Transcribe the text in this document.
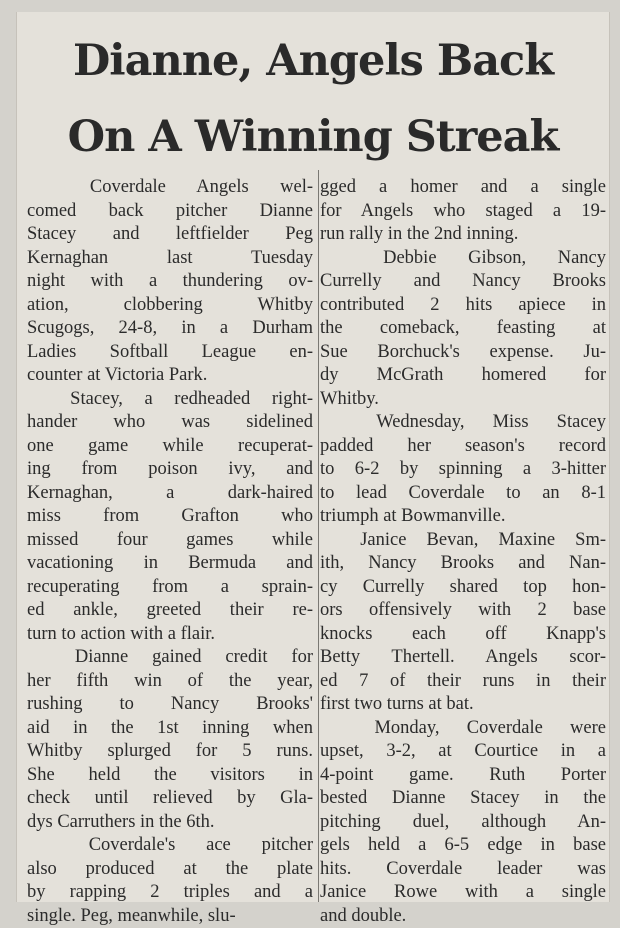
Dianne, Angels Back
On A Winning Streak
Coverdale Angels wel-
comed back pitcher Dianne
Stacey and leftfielder Peg
Kernaghan last Tuesday
night with a thundering ov-
ation, clobbering Whitby
Scugogs, 24-8, in a Durham
Ladies Softball League en-
counter at Victoria Park.
Stacey, a redheaded right-
hander who was sidelined
one game while recuperat-
ing from poison ivy, and
Kernaghan, a dark-haired
miss from Grafton who
missed four games while
vacationing in Bermuda and
recuperating from a sprain-
ed ankle, greeted their re-
turn to action with a flair.
Dianne gained credit for
her fifth win of the year,
rushing to Nancy Brooks'
aid in the 1st inning when
Whitby splurged for 5 runs.
She held the visitors in
check until relieved by Gla-
dys Carruthers in the 6th.
Coverdale's ace pitcher
also produced at the plate
by rapping 2 triples and a
single. Peg, meanwhile, slu-
gged a homer and a single
for Angels who staged a 19-
run rally in the 2nd inning.
Debbie Gibson, Nancy
Currelly and Nancy Brooks
contributed 2 hits apiece in
the comeback, feasting at
Sue Borchuck's expense. Ju-
dy McGrath homered for
Whitby.
Wednesday, Miss Stacey
padded her season's record
to 6-2 by spinning a 3-hitter
to lead Coverdale to an 8-1
triumph at Bowmanville.
Janice Bevan, Maxine Sm-
ith, Nancy Brooks and Nan-
cy Currelly shared top hon-
ors offensively with 2 base
knocks each off Knapp's
Betty Thertell. Angels scor-
ed 7 of their runs in their
first two turns at bat.
Monday, Coverdale were
upset, 3-2, at Courtice in a
4-point game. Ruth Porter
bested Dianne Stacey in the
pitching duel, although An-
gels held a 6-5 edge in base
hits. Coverdale leader was
Janice Rowe with a single
and double.
